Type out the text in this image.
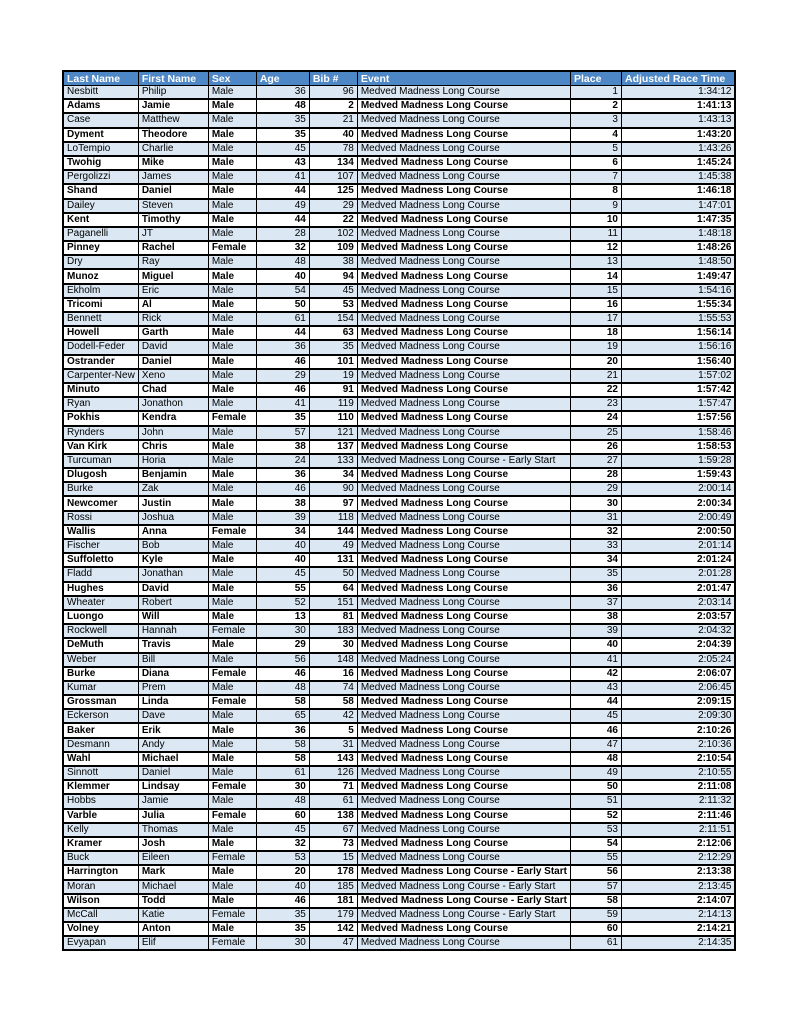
Last Name	First Name	Sex	Age	Bib #	Event	Place	Adjusted Race Time
Nesbitt	Philip	Male	36	96	Medved Madness Long Course	1	1:34:12
Adams	Jamie	Male	48	2	Medved Madness Long Course	2	1:41:13
Case	Matthew	Male	35	21	Medved Madness Long Course	3	1:43:13
Dyment	Theodore	Male	35	40	Medved Madness Long Course	4	1:43:20
LoTempio	Charlie	Male	45	78	Medved Madness Long Course	5	1:43:26
Twohig	Mike	Male	43	134	Medved Madness Long Course	6	1:45:24
Pergolizzi	James	Male	41	107	Medved Madness Long Course	7	1:45:38
Shand	Daniel	Male	44	125	Medved Madness Long Course	8	1:46:18
Dailey	Steven	Male	49	29	Medved Madness Long Course	9	1:47:01
Kent	Timothy	Male	44	22	Medved Madness Long Course	10	1:47:35
Paganelli	JT	Male	28	102	Medved Madness Long Course	11	1:48:18
Pinney	Rachel	Female	32	109	Medved Madness Long Course	12	1:48:26
Dry	Ray	Male	48	38	Medved Madness Long Course	13	1:48:50
Munoz	Miguel	Male	40	94	Medved Madness Long Course	14	1:49:47
Ekholm	Eric	Male	54	45	Medved Madness Long Course	15	1:54:16
Tricomi	Al	Male	50	53	Medved Madness Long Course	16	1:55:34
Bennett	Rick	Male	61	154	Medved Madness Long Course	17	1:55:53
Howell	Garth	Male	44	63	Medved Madness Long Course	18	1:56:14
Dodell-Feder	David	Male	36	35	Medved Madness Long Course	19	1:56:16
Ostrander	Daniel	Male	46	101	Medved Madness Long Course	20	1:56:40
Carpenter-New	Xeno	Male	29	19	Medved Madness Long Course	21	1:57:02
Minuto	Chad	Male	46	91	Medved Madness Long Course	22	1:57:42
Ryan	Jonathon	Male	41	119	Medved Madness Long Course	23	1:57:47
Pokhis	Kendra	Female	35	110	Medved Madness Long Course	24	1:57:56
Rynders	John	Male	57	121	Medved Madness Long Course	25	1:58:46
Van Kirk	Chris	Male	38	137	Medved Madness Long Course	26	1:58:53
Turcuman	Horia	Male	24	133	Medved Madness Long Course - Early Start	27	1:59:28
Dlugosh	Benjamin	Male	36	34	Medved Madness Long Course	28	1:59:43
Burke	Zak	Male	46	90	Medved Madness Long Course	29	2:00:14
Newcomer	Justin	Male	38	97	Medved Madness Long Course	30	2:00:34
Rossi	Joshua	Male	39	118	Medved Madness Long Course	31	2:00:49
Wallis	Anna	Female	34	144	Medved Madness Long Course	32	2:00:50
Fischer	Bob	Male	40	49	Medved Madness Long Course	33	2:01:14
Suffoletto	Kyle	Male	40	131	Medved Madness Long Course	34	2:01:24
Fladd	Jonathan	Male	45	50	Medved Madness Long Course	35	2:01:28
Hughes	David	Male	55	64	Medved Madness Long Course	36	2:01:47
Wheater	Robert	Male	52	151	Medved Madness Long Course	37	2:03:14
Luongo	Will	Male	13	81	Medved Madness Long Course	38	2:03:57
Rockwell	Hannah	Female	30	183	Medved Madness Long Course	39	2:04:32
DeMuth	Travis	Male	29	30	Medved Madness Long Course	40	2:04:39
Weber	Bill	Male	56	148	Medved Madness Long Course	41	2:05:24
Burke	Diana	Female	46	16	Medved Madness Long Course	42	2:06:07
Kumar	Prem	Male	48	74	Medved Madness Long Course	43	2:06:45
Grossman	Linda	Female	58	58	Medved Madness Long Course	44	2:09:15
Eckerson	Dave	Male	65	42	Medved Madness Long Course	45	2:09:30
Baker	Erik	Male	36	5	Medved Madness Long Course	46	2:10:26
Desmann	Andy	Male	58	31	Medved Madness Long Course	47	2:10:36
Wahl	Michael	Male	58	143	Medved Madness Long Course	48	2:10:54
Sinnott	Daniel	Male	61	126	Medved Madness Long Course	49	2:10:55
Klemmer	Lindsay	Female	30	71	Medved Madness Long Course	50	2:11:08
Hobbs	Jamie	Male	48	61	Medved Madness Long Course	51	2:11:32
Varble	Julia	Female	60	138	Medved Madness Long Course	52	2:11:46
Kelly	Thomas	Male	45	67	Medved Madness Long Course	53	2:11:51
Kramer	Josh	Male	32	73	Medved Madness Long Course	54	2:12:06
Buck	Eileen	Female	53	15	Medved Madness Long Course	55	2:12:29
Harrington	Mark	Male	20	178	Medved Madness Long Course - Early Start	56	2:13:38
Moran	Michael	Male	40	185	Medved Madness Long Course - Early Start	57	2:13:45
Wilson	Todd	Male	46	181	Medved Madness Long Course - Early Start	58	2:14:07
McCall	Katie	Female	35	179	Medved Madness Long Course - Early Start	59	2:14:13
Volney	Anton	Male	35	142	Medved Madness Long Course	60	2:14:21
Evyapan	Elif	Female	30	47	Medved Madness Long Course	61	2:14:35
